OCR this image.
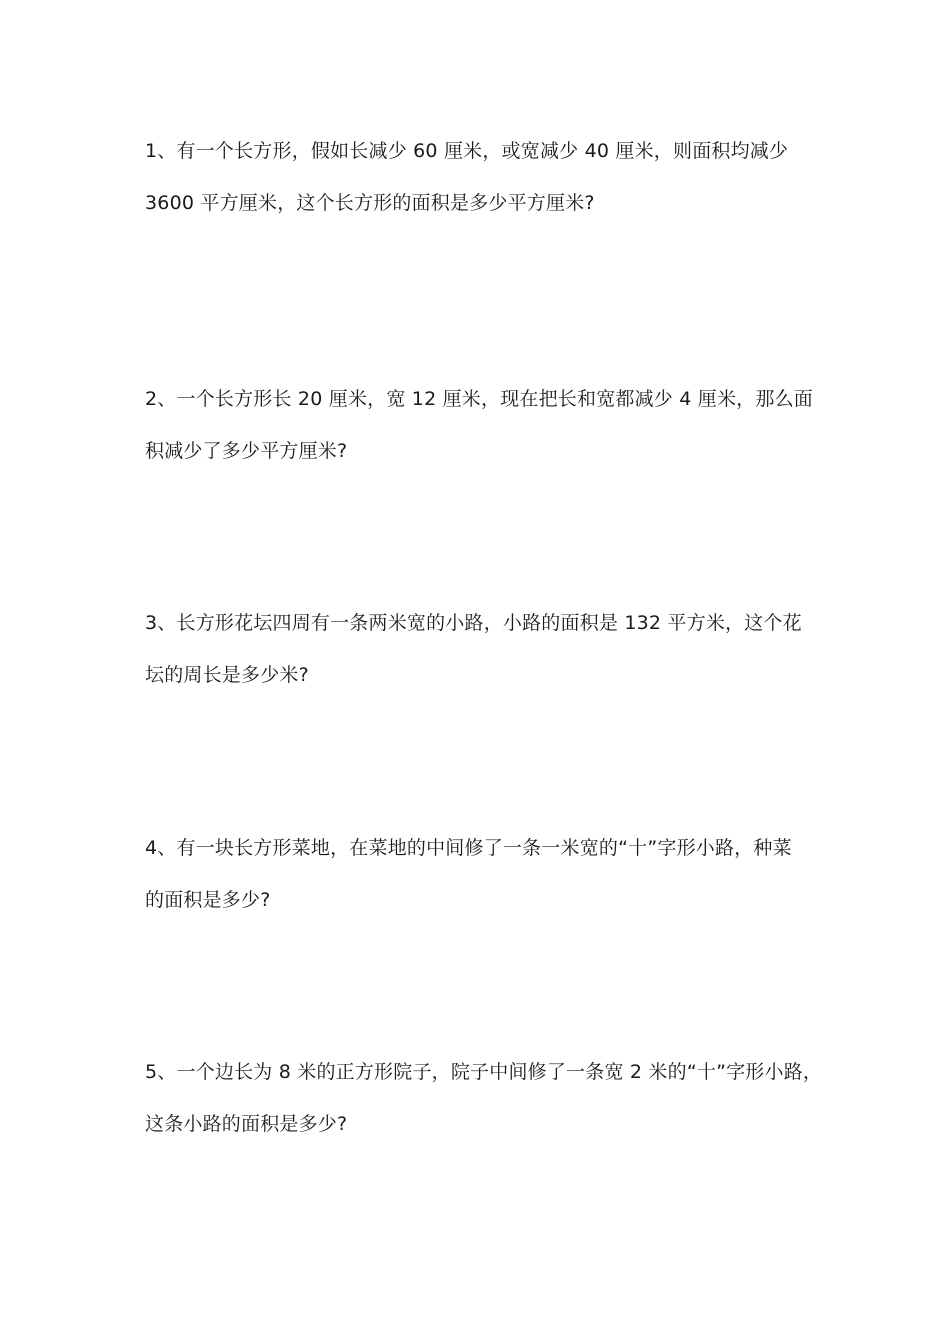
1、有一个长方形，假如长减少 60 厘米，或宽减少 40 厘米，则面积均减少
3600 平方厘米，这个长方形的面积是多少平方厘米?
2、一个长方形长 20 厘米，宽 12 厘米，现在把长和宽都减少 4 厘米，那么面
积减少了多少平方厘米?
3、长方形花坛四周有一条两米宽的小路，小路的面积是 132 平方米，这个花
坛的周长是多少米?
4、有一块长方形菜地，在菜地的中间修了一条一米宽的“十”字形小路，种菜
的面积是多少?
5、一个边长为 8 米的正方形院子，院子中间修了一条宽 2 米的“十”字形小路，
这条小路的面积是多少?
